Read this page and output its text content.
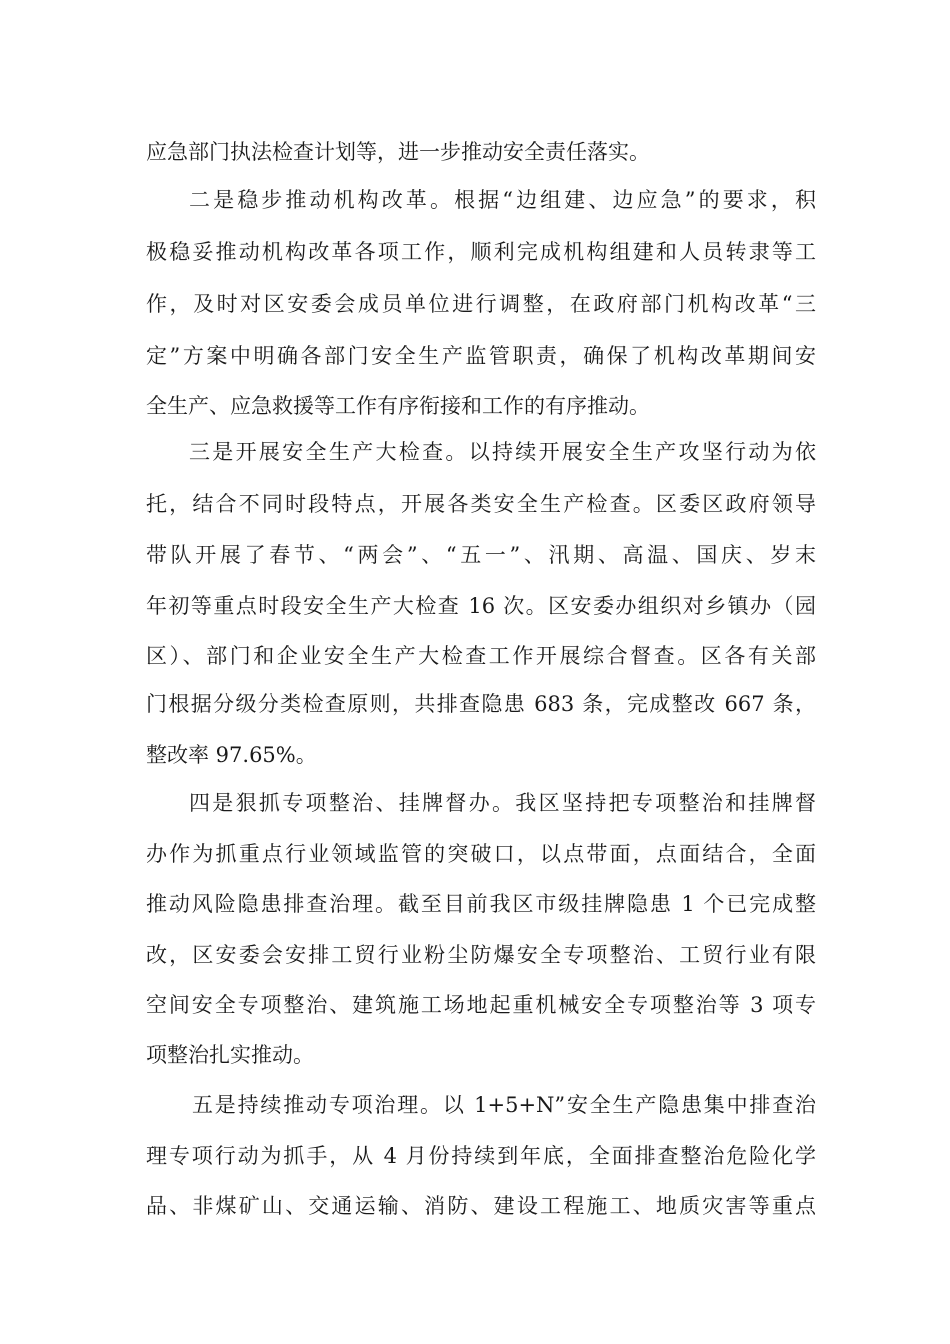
应急部门执法检查计划等，进一步推动安全责任落实。
二是稳步推动机构改革。根据“边组建、边应急”的要求，积
极稳妥推动机构改革各项工作，顺利完成机构组建和人员转隶等工
作，及时对区安委会成员单位进行调整，在政府部门机构改革“三
定”方案中明确各部门安全生产监管职责，确保了机构改革期间安
全生产、应急救援等工作有序衔接和工作的有序推动。
三是开展安全生产大检查。以持续开展安全生产攻坚行动为依
托，结合不同时段特点，开展各类安全生产检查。区委区政府领导
带队开展了春节、“两会”、“五一”、汛期、高温、国庆、岁末
年初等重点时段安全生产大检查 16 次。区安委办组织对乡镇办（园
区）、部门和企业安全生产大检查工作开展综合督查。区各有关部
门根据分级分类检查原则，共排查隐患 683 条，完成整改 667 条，
整改率 97.65%。
四是狠抓专项整治、挂牌督办。我区坚持把专项整治和挂牌督
办作为抓重点行业领域监管的突破口，以点带面，点面结合，全面
推动风险隐患排查治理。截至目前我区市级挂牌隐患 1 个已完成整
改，区安委会安排工贸行业粉尘防爆安全专项整治、工贸行业有限
空间安全专项整治、建筑施工场地起重机械安全专项整治等 3 项专
项整治扎实推动。
五是持续推动专项治理。以 1+5+N”安全生产隐患集中排查治
理专项行动为抓手，从 4 月份持续到年底，全面排查整治危险化学
品、非煤矿山、交通运输、消防、建设工程施工、地质灾害等重点
